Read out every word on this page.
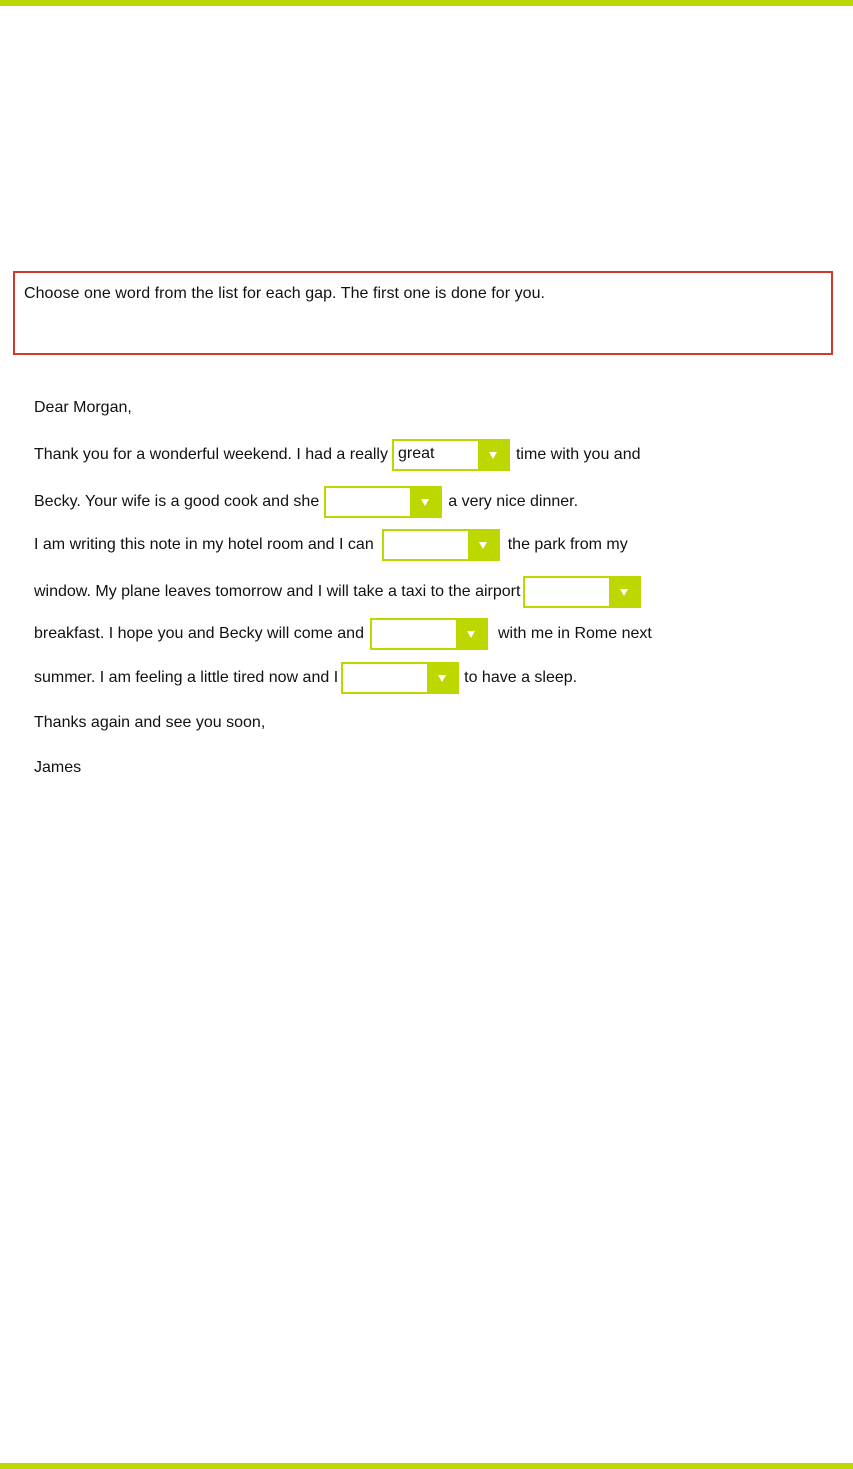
Choose one word from the list for each gap. The first one is done for you.
Dear Morgan,
Thank you for a wonderful weekend. I had a really great	time with you and
Becky. Your wife is a good cook and she	a very nice dinner.
I am writing this note in my hotel room and I can	the park from my
window. My plane leaves tomorrow and I will take a taxi to the airport
breakfast. I hope you and Becky will come and	with me in Rome next
summer. I am feeling a little tired now and I	to have a sleep.
Thanks again and see you soon,
James
